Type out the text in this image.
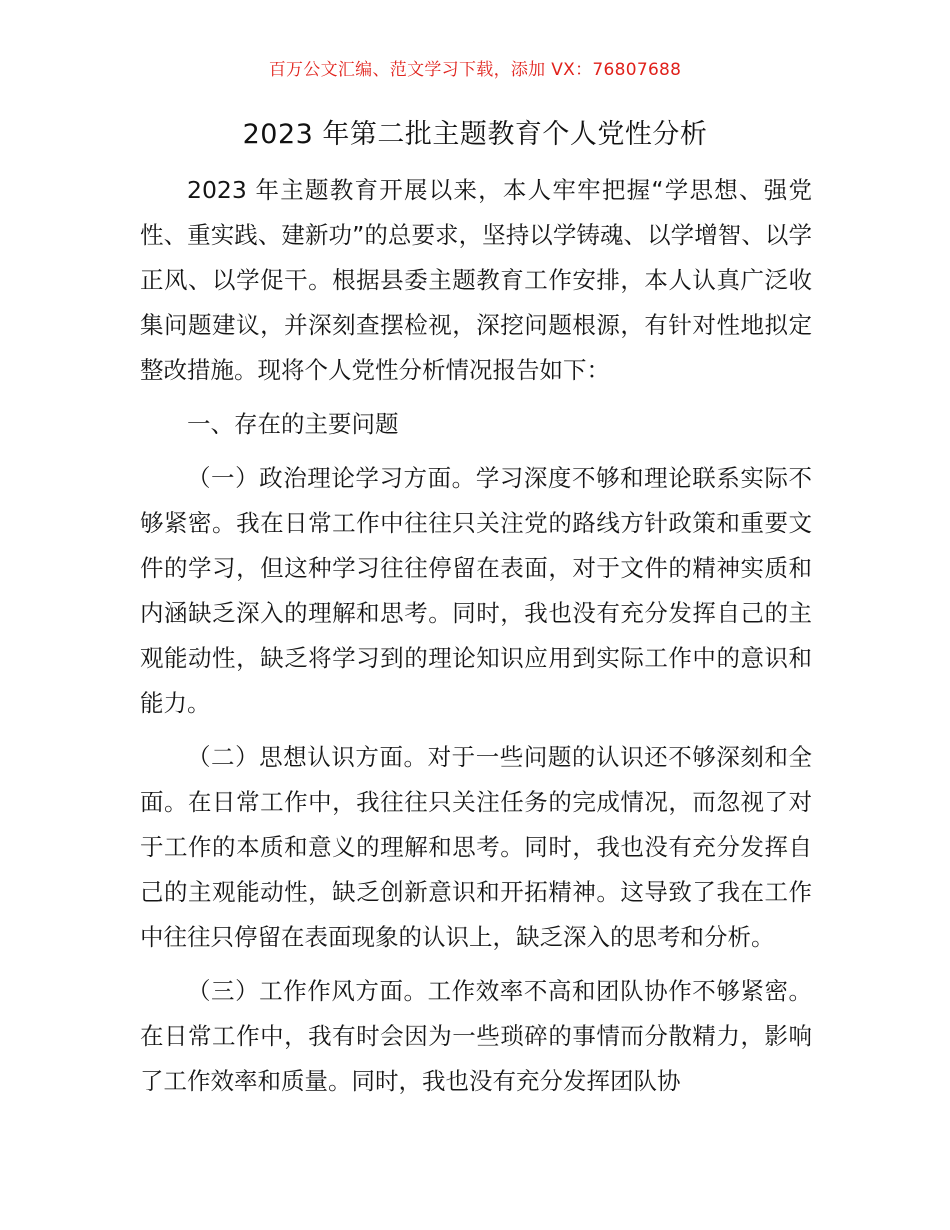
百万公文汇编、范文学习下载，添加 VX：76807688
2023 年第二批主题教育个人党性分析

2023 年主题教育开展以来，本人牢牢把握“学思想、强党性、重实践、建新功”的总要求，坚持以学铸魂、以学增智、以学正风、以学促干。根据县委主题教育工作安排，本人认真广泛收集问题建议，并深刻查摆检视，深挖问题根源，有针对性地拟定整改措施。现将个人党性分析情况报告如下：

一、存在的主要问题

（一）政治理论学习方面。学习深度不够和理论联系实际不够紧密。我在日常工作中往往只关注党的路线方针政策和重要文件的学习，但这种学习往往停留在表面，对于文件的精神实质和内涵缺乏深入的理解和思考。同时，我也没有充分发挥自己的主观能动性，缺乏将学习到的理论知识应用到实际工作中的意识和能力。

（二）思想认识方面。对于一些问题的认识还不够深刻和全面。在日常工作中，我往往只关注任务的完成情况，而忽视了对于工作的本质和意义的理解和思考。同时，我也没有充分发挥自己的主观能动性，缺乏创新意识和开拓精神。这导致了我在工作中往往只停留在表面现象的认识上，缺乏深入的思考和分析。

（三）工作作风方面。工作效率不高和团队协作不够紧密。在日常工作中，我有时会因为一些琐碎的事情而分散精力，影响了工作效率和质量。同时，我也没有充分发挥团队协
